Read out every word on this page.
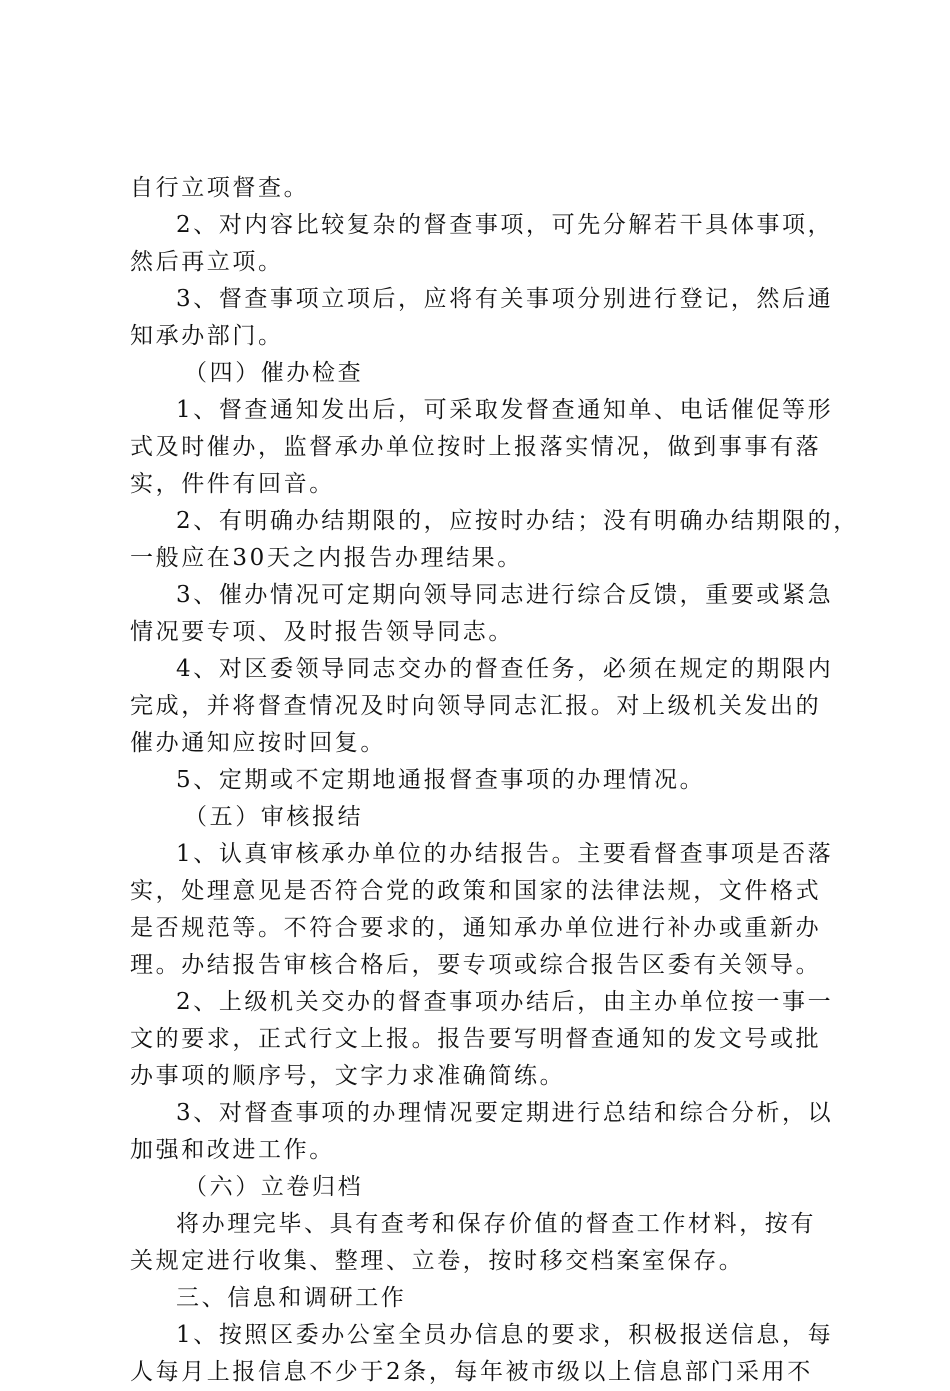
自行立项督查。
2、对内容比较复杂的督查事项，可先分解若干具体事项，
然后再立项。
3、督查事项立项后，应将有关事项分别进行登记，然后通
知承办部门。
（四）催办检查
1、督查通知发出后，可采取发督查通知单、电话催促等形
式及时催办，监督承办单位按时上报落实情况，做到事事有落
实，件件有回音。
2、有明确办结期限的，应按时办结；没有明确办结期限的，
一般应在30天之内报告办理结果。
3、催办情况可定期向领导同志进行综合反馈，重要或紧急
情况要专项、及时报告领导同志。
4、对区委领导同志交办的督查任务，必须在规定的期限内
完成，并将督查情况及时向领导同志汇报。对上级机关发出的
催办通知应按时回复。
5、定期或不定期地通报督查事项的办理情况。
（五）审核报结
1、认真审核承办单位的办结报告。主要看督查事项是否落
实，处理意见是否符合党的政策和国家的法律法规，文件格式
是否规范等。不符合要求的，通知承办单位进行补办或重新办
理。办结报告审核合格后，要专项或综合报告区委有关领导。
2、上级机关交办的督查事项办结后，由主办单位按一事一
文的要求，正式行文上报。报告要写明督查通知的发文号或批
办事项的顺序号，文字力求准确简练。
3、对督查事项的办理情况要定期进行总结和综合分析，以
加强和改进工作。
（六）立卷归档
将办理完毕、具有查考和保存价值的督查工作材料，按有
关规定进行收集、整理、立卷，按时移交档案室保存。
三、信息和调研工作
1、按照区委办公室全员办信息的要求，积极报送信息，每
人每月上报信息不少于2条，每年被市级以上信息部门采用不
